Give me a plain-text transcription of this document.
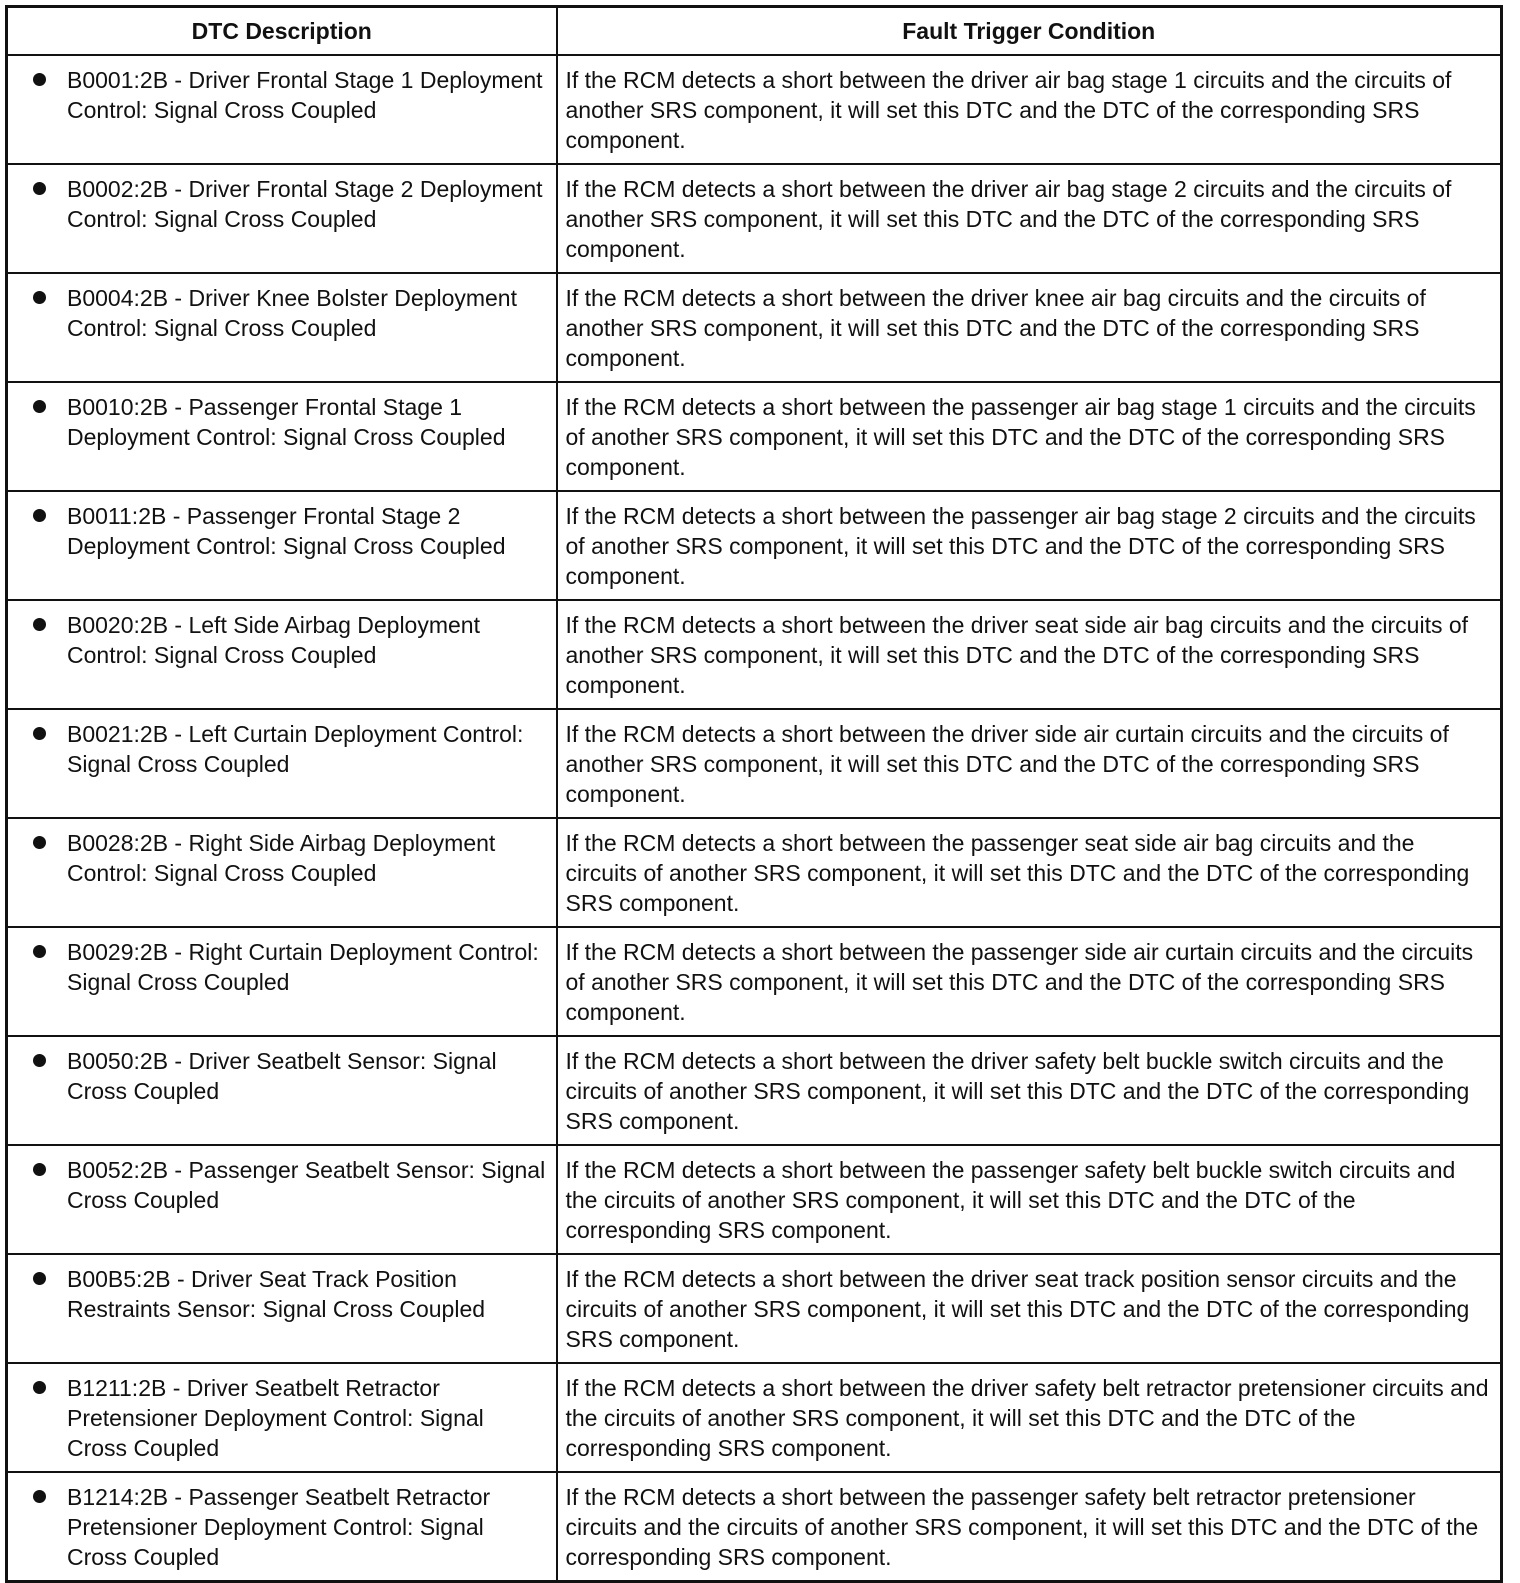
DTC Description	Fault Trigger Condition

B0001:2B - Driver Frontal Stage 1 Deployment Control: Signal Cross Coupled	If the RCM detects a short between the driver air bag stage 1 circuits and the circuits of another SRS component, it will set this DTC and the DTC of the corresponding SRS component.

B0002:2B - Driver Frontal Stage 2 Deployment Control: Signal Cross Coupled	If the RCM detects a short between the driver air bag stage 2 circuits and the circuits of another SRS component, it will set this DTC and the DTC of the corresponding SRS component.

B0004:2B - Driver Knee Bolster Deployment Control: Signal Cross Coupled	If the RCM detects a short between the driver knee air bag circuits and the circuits of another SRS component, it will set this DTC and the DTC of the corresponding SRS component.

B0010:2B - Passenger Frontal Stage 1 Deployment Control: Signal Cross Coupled	If the RCM detects a short between the passenger air bag stage 1 circuits and the circuits of another SRS component, it will set this DTC and the DTC of the corresponding SRS component.

B0011:2B - Passenger Frontal Stage 2 Deployment Control: Signal Cross Coupled	If the RCM detects a short between the passenger air bag stage 2 circuits and the circuits of another SRS component, it will set this DTC and the DTC of the corresponding SRS component.

B0020:2B - Left Side Airbag Deployment Control: Signal Cross Coupled	If the RCM detects a short between the driver seat side air bag circuits and the circuits of another SRS component, it will set this DTC and the DTC of the corresponding SRS component.

B0021:2B - Left Curtain Deployment Control: Signal Cross Coupled	If the RCM detects a short between the driver side air curtain circuits and the circuits of another SRS component, it will set this DTC and the DTC of the corresponding SRS component.

B0028:2B - Right Side Airbag Deployment Control: Signal Cross Coupled	If the RCM detects a short between the passenger seat side air bag circuits and the circuits of another SRS component, it will set this DTC and the DTC of the corresponding SRS component.

B0029:2B - Right Curtain Deployment Control: Signal Cross Coupled	If the RCM detects a short between the passenger side air curtain circuits and the circuits of another SRS component, it will set this DTC and the DTC of the corresponding SRS component.

B0050:2B - Driver Seatbelt Sensor: Signal Cross Coupled	If the RCM detects a short between the driver safety belt buckle switch circuits and the circuits of another SRS component, it will set this DTC and the DTC of the corresponding SRS component.

B0052:2B - Passenger Seatbelt Sensor: Signal Cross Coupled	If the RCM detects a short between the passenger safety belt buckle switch circuits and the circuits of another SRS component, it will set this DTC and the DTC of the corresponding SRS component.

B00B5:2B - Driver Seat Track Position Restraints Sensor: Signal Cross Coupled	If the RCM detects a short between the driver seat track position sensor circuits and the circuits of another SRS component, it will set this DTC and the DTC of the corresponding SRS component.

B1211:2B - Driver Seatbelt Retractor Pretensioner Deployment Control: Signal Cross Coupled	If the RCM detects a short between the driver safety belt retractor pretensioner circuits and the circuits of another SRS component, it will set this DTC and the DTC of the corresponding SRS component.

B1214:2B - Passenger Seatbelt Retractor Pretensioner Deployment Control: Signal Cross Coupled	If the RCM detects a short between the passenger safety belt retractor pretensioner circuits and the circuits of another SRS component, it will set this DTC and the DTC of the corresponding SRS component.
